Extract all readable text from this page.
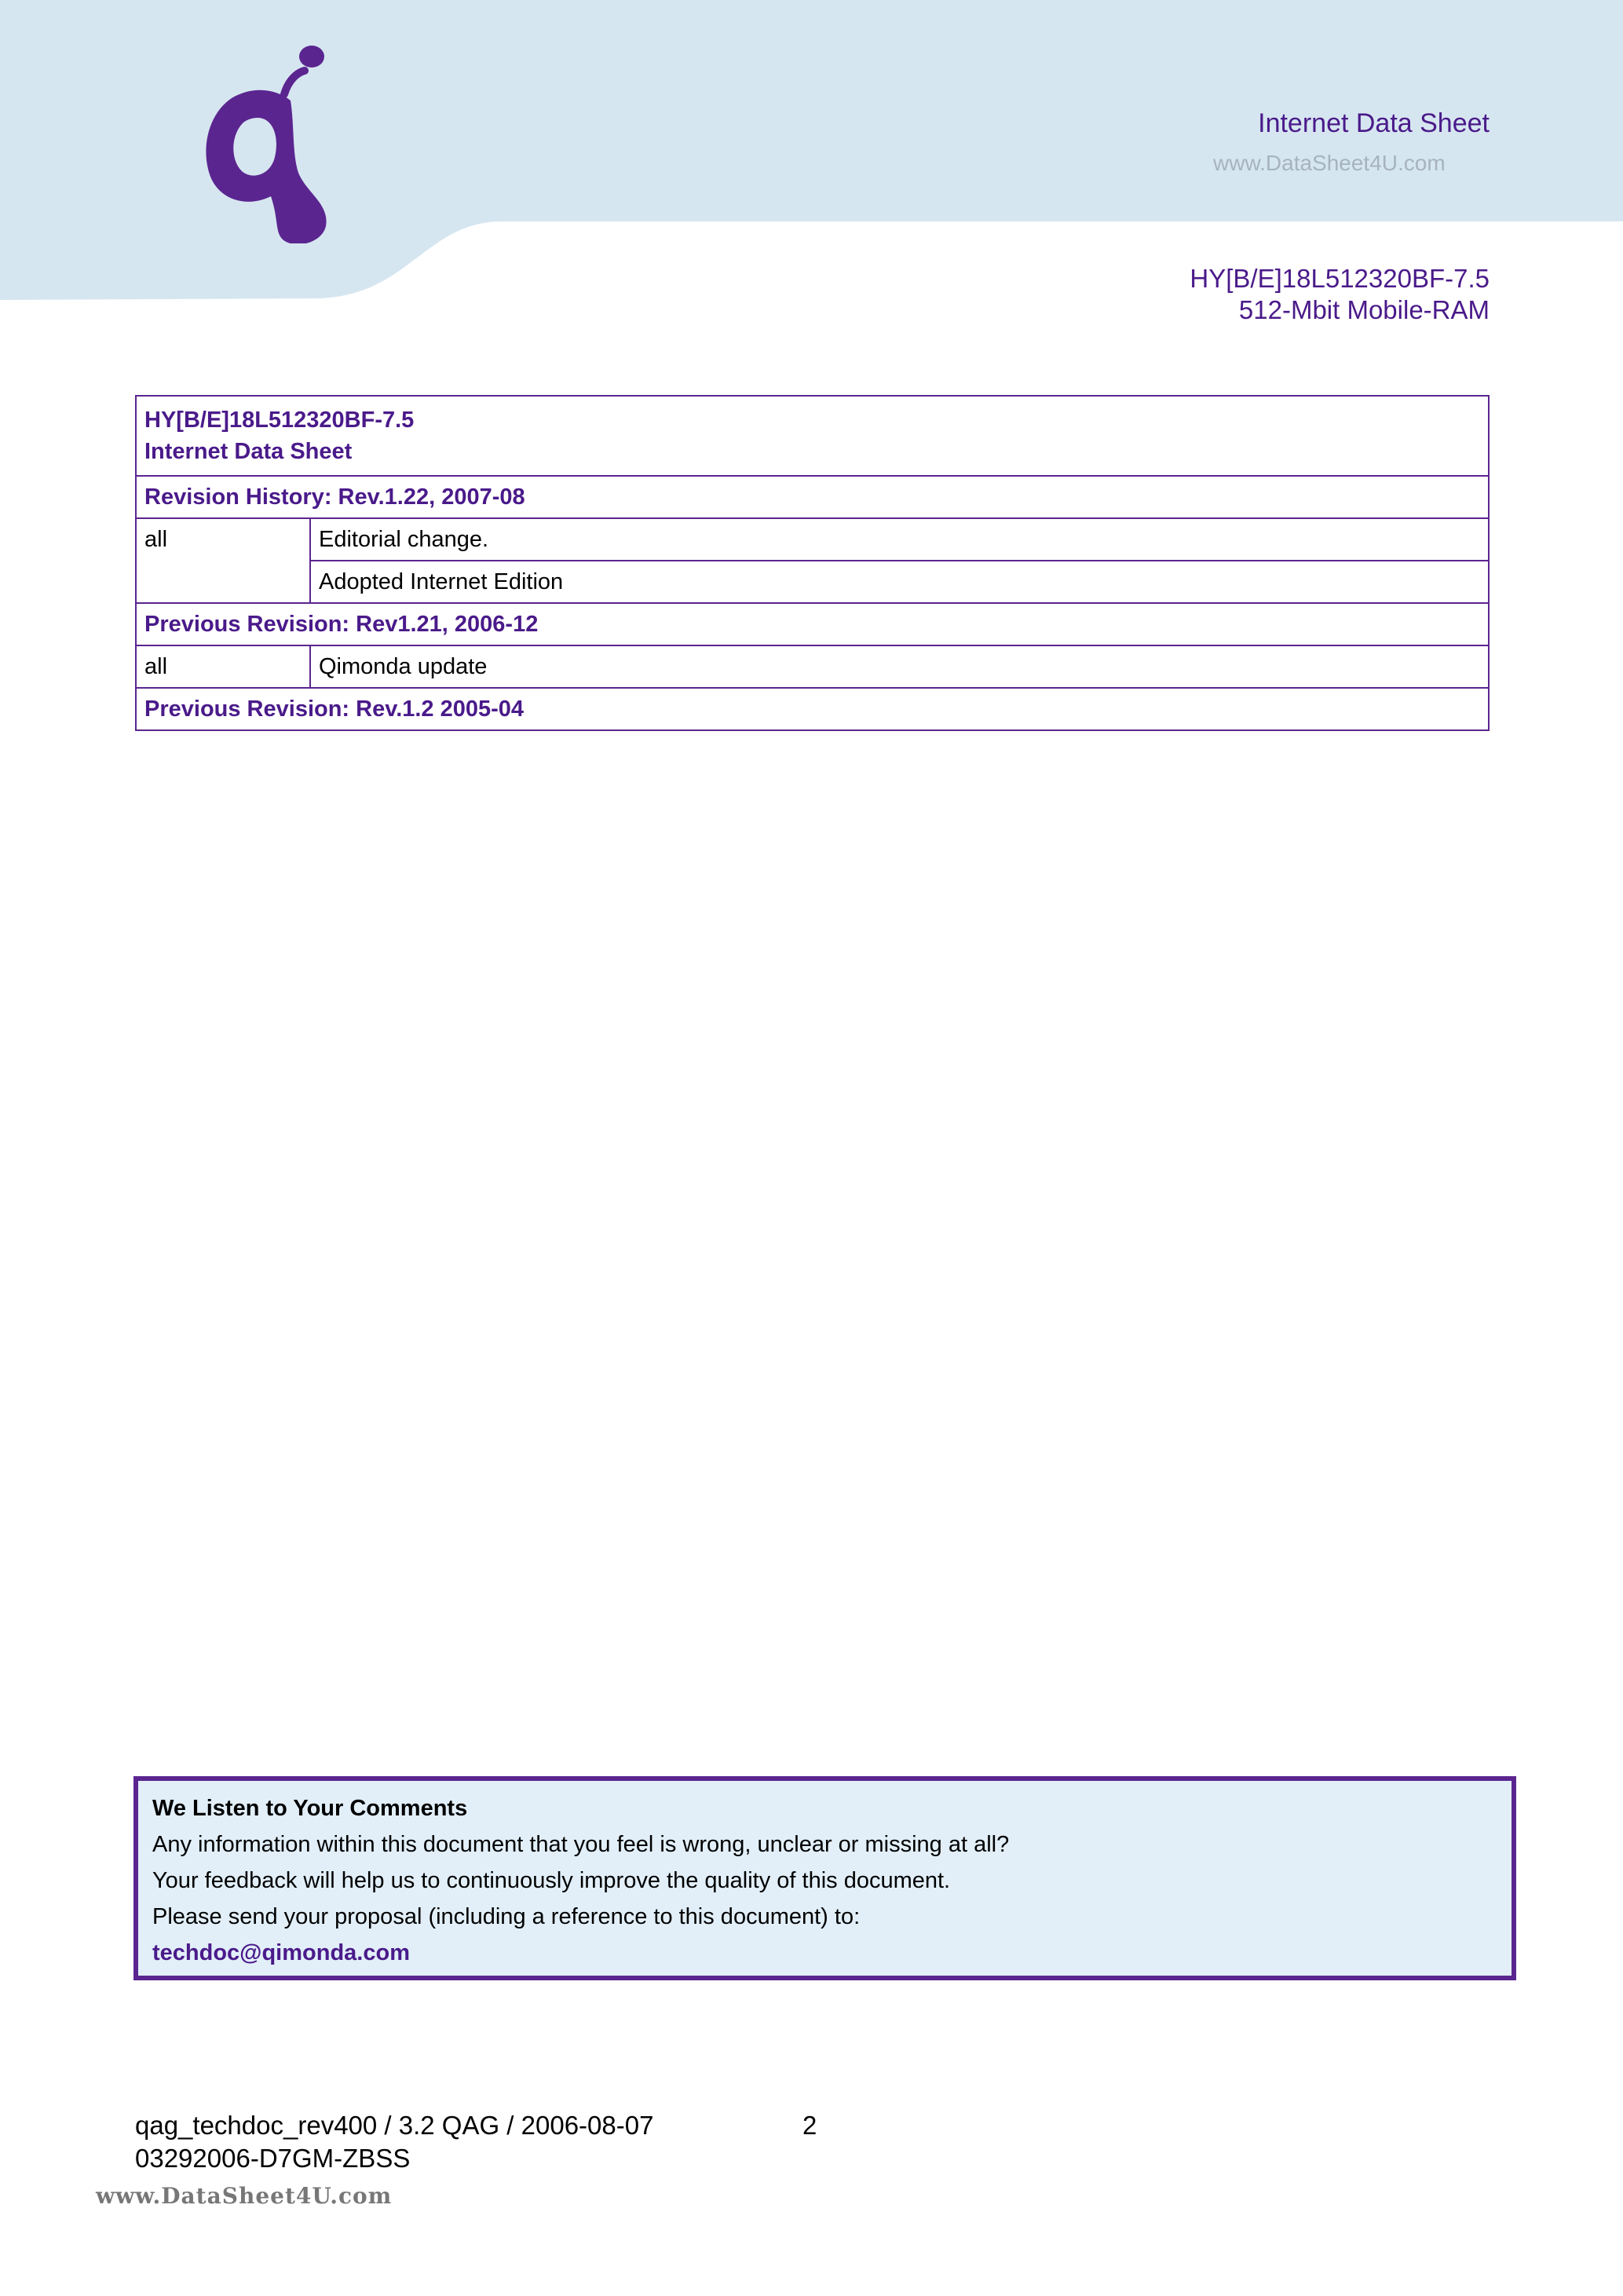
Internet Data Sheet
www.DataSheet4U.com
HY[B/E]18L512320BF-7.5
512-Mbit Mobile-RAM
HY[B/E]18L512320BF-7.5
Internet Data Sheet	

Revision History: Rev.1.22, 2007-08	
all	Editorial change.
	Adopted Internet Edition
Previous Revision: Rev1.21, 2006-12	
all	Qimonda update
Previous Revision: Rev.1.2 2005-04	
We Listen to Your Comments
Any information within this document that you feel is wrong, unclear or missing at all?
Your feedback will help us to continuously improve the quality of this document.
Please send your proposal (including a reference to this document) to:
techdoc@qimonda.com
qag_techdoc_rev400 / 3.2 QAG / 2006-08-07	2
03292006-D7GM-ZBSS
www.DataSheet4U.com
